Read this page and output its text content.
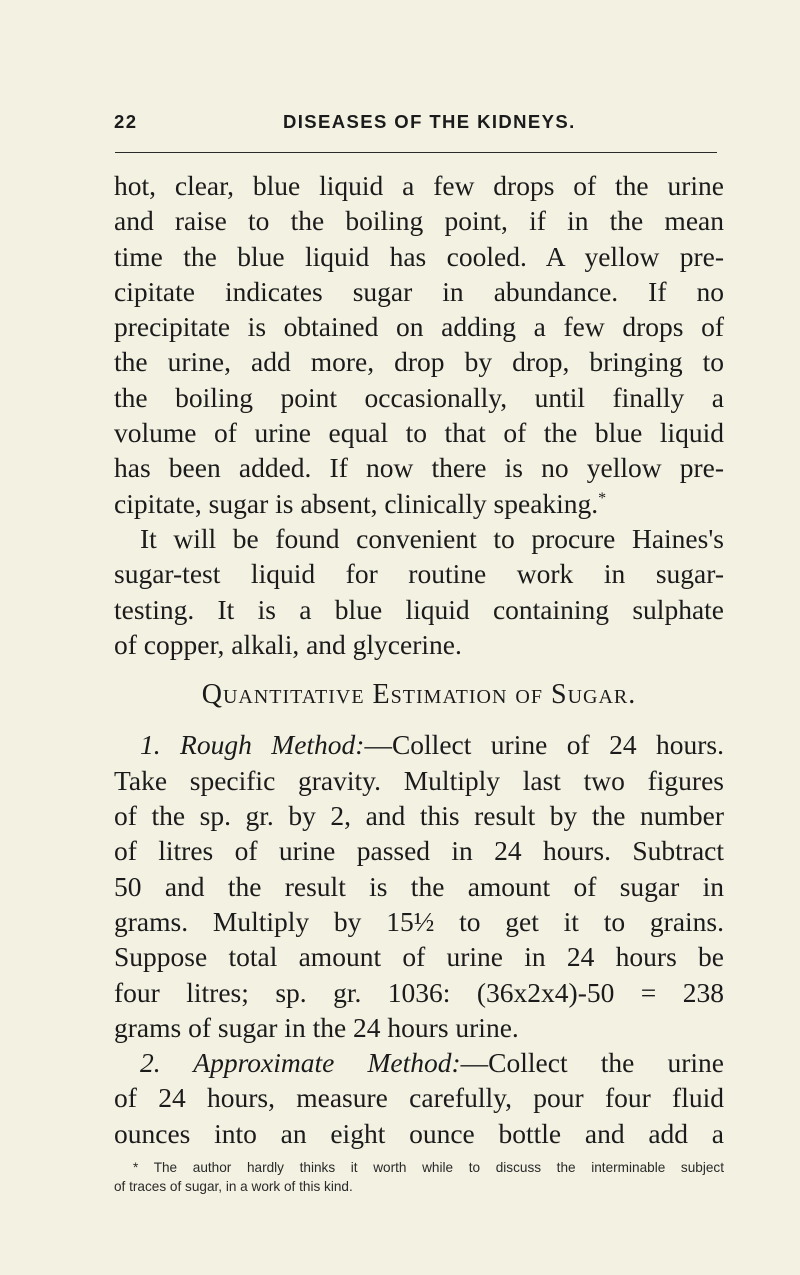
22	DISEASES OF THE KIDNEYS.
hot, clear, blue liquid a few drops of the urine
and raise to the boiling point, if in the mean
time the blue liquid has cooled. A yellow pre-
cipitate indicates sugar in abundance. If no
precipitate is obtained on adding a few drops of
the urine, add more, drop by drop, bringing to
the boiling point occasionally, until finally a
volume of urine equal to that of the blue liquid
has been added. If now there is no yellow pre-
cipitate, sugar is absent, clinically speaking.*
It will be found convenient to procure Haines's
sugar-test liquid for routine work in sugar-
testing. It is a blue liquid containing sulphate
of copper, alkali, and glycerine.
Quantitative Estimation of Sugar.
1. Rough Method:—Collect urine of 24 hours.
Take specific gravity. Multiply last two figures
of the sp. gr. by 2, and this result by the number
of litres of urine passed in 24 hours. Subtract
50 and the result is the amount of sugar in
grams. Multiply by 15½ to get it to grains.
Suppose total amount of urine in 24 hours be
four litres; sp. gr. 1036: (36x2x4)-50 = 238
grams of sugar in the 24 hours urine.
2. Approximate Method:—Collect the urine
of 24 hours, measure carefully, pour four fluid
ounces into an eight ounce bottle and add a
* The author hardly thinks it worth while to discuss the interminable subject
of traces of sugar, in a work of this kind.
